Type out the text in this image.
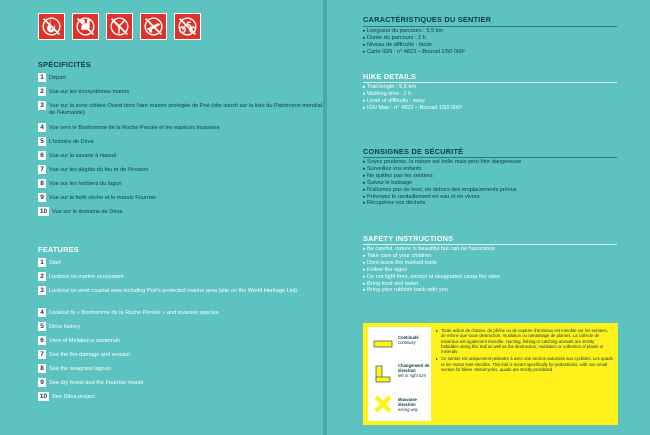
SPÉCIFICITÉS
1 Départ
2 Vue sur les écosystèmes marins
3 Vue sur la zone côtière Ouest dont l'aire marine protégée de Poé (site inscrit sur la liste du Patrimoine mondial de l'Humanité)
4 Vue vers le Bonhomme de la Roche Percée et les espèces invasives
5 L'histoire de Déva
6 Vue sur la savane à niaouli
7 Vue sur les dégâts du feu et de l'érosion
8 Vue sur les herbiers du lagon
9 Vue sur la forêt sèche et le marais Fournier
10 Vue sur le domaine de Déva
FEATURES
1 Start
2 Lookout on marine ecosystem
3 Lookout on west coastal area including Poé's protected marine area (site on the World Heritage List)
4 Lookout to « Bonhomme de la Roche Percée » and invasive species
5 Déva history
6 View of Melaleuca savannah
7 See the fire damage and erosion
8 See the seagrass lagoon
9 See dry forest and the Fournier marsh
10 See Déva project
CARACTÉRISTIQUES DU SENTIER
▸ Longueur du parcours : 5,5 km
▸ Durée du parcours : 2 h
▸ Niveau de difficulté : facile
▸ Carte IGN : n° 4823 – Bourail 1/50 000ᵉ
HIKE DETAILS
▸ Trail length : 5,5 km
▸ Walking time : 2 h
▸ Level of difficulty : easy
▸ IGN Map : n° 4823 – Bourail 1/50 000ᵉ
CONSIGNES DE SÉCURITÉ
▸ Soyez prudents, la nature est belle mais peut être dangereuse
▸ Surveillez vos enfants
▸ Ne quittez pas les sentiers
▸ Suivez le balisage
▸ N'allumez pas de feux, en dehors des emplacements prévus
▸ Prévoyez le ravitaillement en eau et en vivres
▸ Récupérez vos déchets
SAFETY INSTRUCTIONS
▸ Be careful, nature is beautiful but can be hazardous
▸ Take care of your children
▸ Dont leave the marked trails
▸ Follow the signs
▸ Do not light fires, except at designated camp fire sites
▸ Bring food and water
▸ Bring your rubbish back with you
Continuité
continuity
Changement de direction
left or right turn
Mauvaise direction
wrong way

▸ Toute action de chasse, de pêche ou de capture d'animaux est interdite sur les sentiers, de même que toute destruction, mutilation ou ramassage de plantes. La collecte de minéraux est également interdite. Hunting, fishing or catching animals are strictly forbidden along this trail as well as the destruction, mutilation or collection of plants or minerals.

▸ Ce sentier est uniquement pédestre à avec une section autorisée aux cyclistes. Les quads et les motos sont interdits. This trail is meant specifically for pedestrians, with one small section for bikes. Motorcycles, quads are strictly prohibited.
